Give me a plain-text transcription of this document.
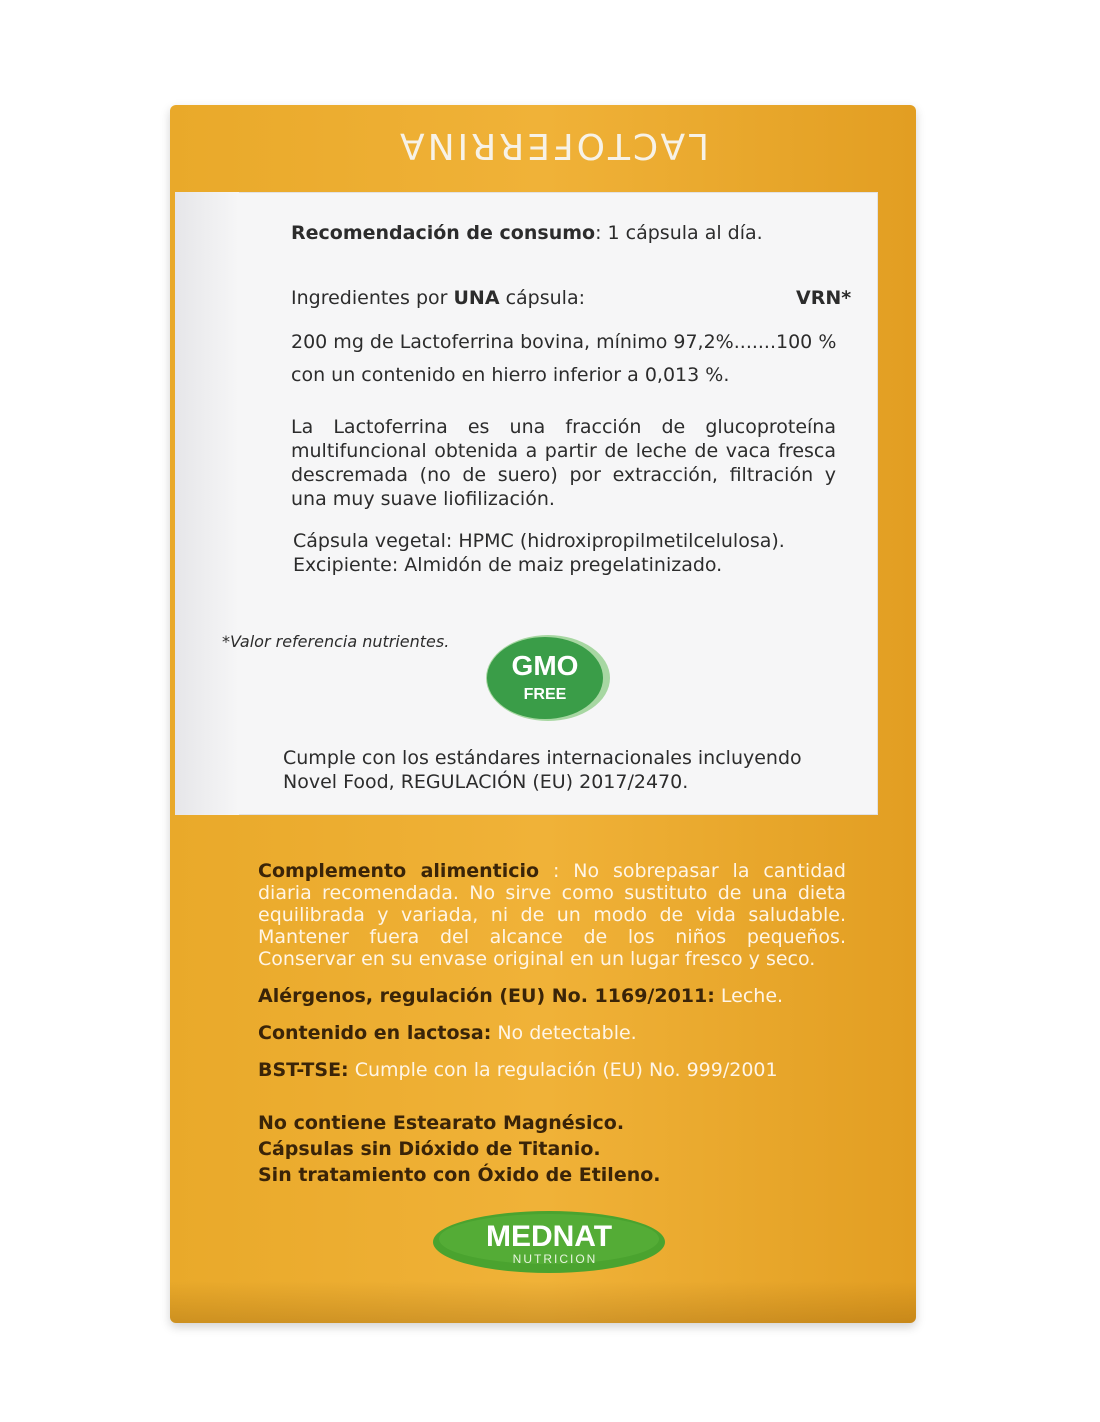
LACTOFERRINA
Recomendación de consumo: 1 cápsula al día.
Ingredientes por UNA cápsula:	VRN*
200 mg de Lactoferrina bovina, mínimo 97,2%.......100 %
con un contenido en hierro inferior a 0,013 %.
La Lactoferrina es una fracción de glucoproteína multifuncional obtenida a partir de leche de vaca fresca descremada (no de suero) por extracción, filtración y una muy suave liofilización.
Cápsula vegetal: HPMC (hidroxipropilmetilcelulosa).
Excipiente: Almidón de maiz pregelatinizado.
*Valor referencia nutrientes.
GMO
FREE
Cumple con los estándares internacionales incluyendo
Novel Food, REGULACIÓN (EU) 2017/2470.
Complemento alimenticio : No sobrepasar la cantidad diaria recomendada. No sirve como sustituto de una dieta equilibrada y variada, ni de un modo de vida saludable. Mantener fuera del alcance de los niños pequeños. Conservar en su envase original en un lugar fresco y seco.
Alérgenos, regulación (EU) No. 1169/2011: Leche.
Contenido en lactosa: No detectable.
BST-TSE: Cumple con la regulación (EU) No. 999/2001
No contiene Estearato Magnésico.
Cápsulas sin Dióxido de Titanio.
Sin tratamiento con Óxido de Etileno.
MEDNAT
NUTRICION
